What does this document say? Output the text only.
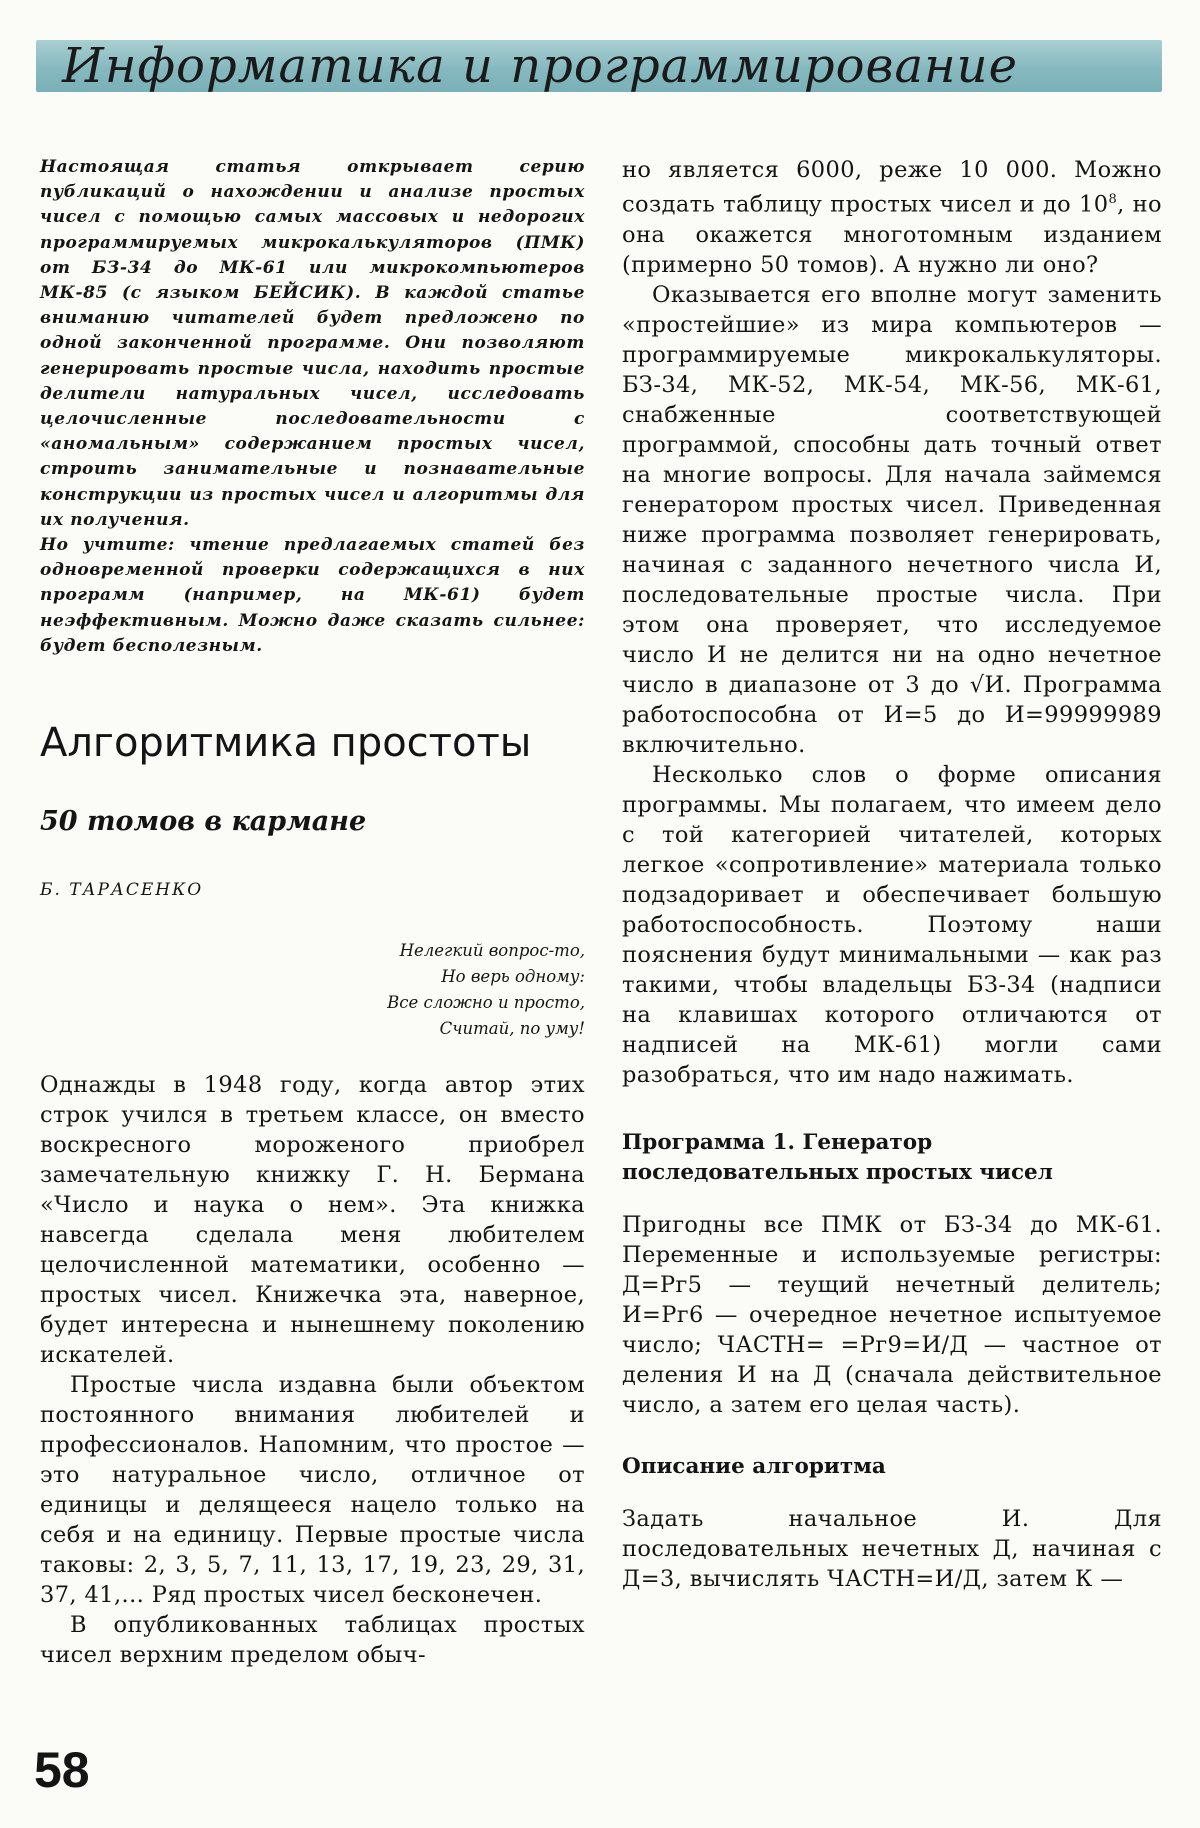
Информатика и программирование

Настоящая статья открывает серию публикаций о нахождении и анализе простых чисел с помощью самых массовых и недорогих программируемых микрокалькуляторов (ПМК) от БЗ-34 до МК-61 или микрокомпьютеров МК-85 (с языком БЕЙСИК). В каждой статье вниманию читателей будет предложено по одной законченной программе. Они позволяют генерировать простые числа, находить простые делители натуральных чисел, исследовать целочисленные последовательности с «аномальным» содержанием простых чисел, строить занимательные и познавательные конструкции из простых чисел и алгоритмы для их получения.

Но учтите: чтение предлагаемых статей без одновременной проверки содержащихся в них программ (например, на МК-61) будет неэффективным. Можно даже сказать сильнее: будет бесполезным.

Алгоритмика простоты
50 томов в кармане

Б. ТАРАСЕНКО

Нелегкий вопрос-то,
Но верь одному:
Все сложно и просто,
Считай, по уму!

Однажды в 1948 году, когда автор этих строк учился в третьем классе, он вместо воскресного мороженого приобрел замечательную книжку Г. Н. Бермана «Число и наука о нем». Эта книжка навсегда сделала меня любителем целочисленной математики, особенно — простых чисел. Книжечка эта, наверное, будет интересна и нынешнему поколению искателей.

Простые числа издавна были объектом постоянного внимания любителей и профессионалов. Напомним, что простое — это натуральное число, отличное от единицы и делящееся нацело только на себя и на единицу. Первые простые числа таковы: 2, 3, 5, 7, 11, 13, 17, 19, 23, 29, 31, 37, 41,... Ряд простых чисел бесконечен.

В опубликованных таблицах простых чисел верхним пределом обыч-

но является 6000, реже 10 000. Можно создать таблицу простых чисел и до $10^8$, но она окажется многотомным изданием (примерно 50 томов). А нужно ли оно?

Оказывается его вполне могут заменить «простейшие» из мира компьютеров — программируемые микрокалькуляторы. БЗ-34, МК-52, МК-54, МК-56, МК-61, снабженные соответствующей программой, способны дать точный ответ на многие вопросы. Для начала займемся генератором простых чисел. Приведенная ниже программа позволяет генерировать, начиная с заданного нечетного числа И, последовательные простые числа. При этом она проверяет, что исследуемое число И не делится ни на одно нечетное число в диапазоне от 3 до √И. Программа работоспособна от И=5 до И=99999989 включительно.

Несколько слов о форме описания программы. Мы полагаем, что имеем дело с той категорией читателей, которых легкое «сопротивление» материала только подзадоривает и обеспечивает большую работоспособность. Поэтому наши пояснения будут минимальными — как раз такими, чтобы владельцы БЗ-34 (надписи на клавишах которого отличаются от надписей на МК-61) могли сами разобраться, что им надо нажимать.

Программа 1. Генератор
последовательных простых чисел

Пригодны все ПМК от БЗ-34 до МК-61. Переменные и используемые регистры: Д=Рг5 — теущий нечетный делитель; И=Рг6 — очередное нечетное испытуемое число; ЧАСТН= =Рг9=И/Д — частное от деления И на Д (сначала действительное число, а затем его целая часть).

Описание алгоритма

Задать начальное И. Для последовательных нечетных Д, начиная с Д=3, вычислять ЧАСТН=И/Д, затем К —

58
